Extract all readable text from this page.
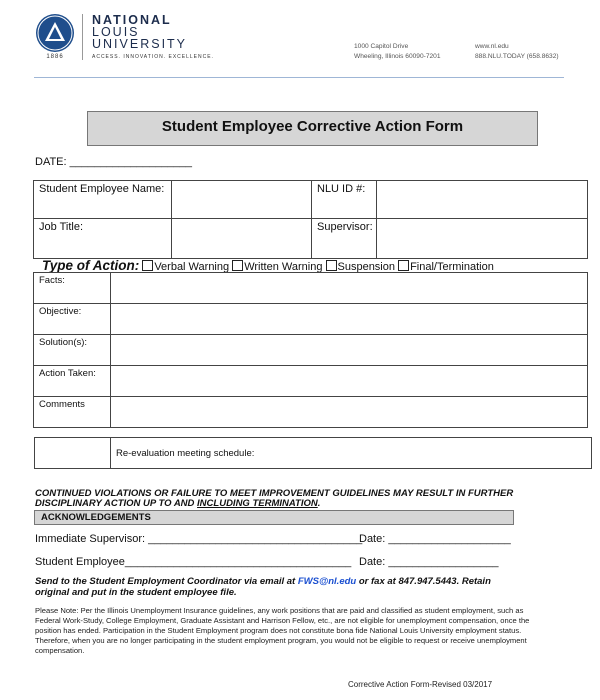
1886
NATIONAL
LOUIS
UNIVERSITY
ACCESS. INNOVATION. EXCELLENCE.
1000 Capitol Drive
Wheeling, Illinois 60090-7201
www.nl.edu
888.NLU.TODAY (658.8632)
Student Employee Corrective Action Form
DATE: ____________________
Student Employee Name:		NLU ID #:	
Job Title:		Supervisor:	
Type of Action: Verbal Warning Written Warning Suspension Final/Termination
Facts:	
Objective:	
Solution(s):	
Action Taken:	
Comments	
	Re-evaluation meeting schedule:
CONTINUED VIOLATIONS OR FAILURE TO MEET IMPROVEMENT GUIDELINES MAY RESULT IN FURTHER
DISCIPLINARY ACTION UP TO AND INCLUDING TERMINATION.
ACKNOWLEDGEMENTS
Immediate Supervisor: ___________________________________
Date: ____________________
Student Employee_____________________________________ Date: __________________
Send to the Student Employment Coordinator via email at FWS@nl.edu or fax at 847.947.5443. Retain
original and put in the student employee file.
Please Note: Per the Illinois Unemployment Insurance guidelines, any work positions that are paid and classified as student employment, such as Federal Work-Study, College Employment, Graduate Assistant and Harrison Fellow, etc., are not eligible for unemployment compensation, once the position has ended. Participation in the Student Employment program does not constitute bona fide National Louis University employment status. Therefore, when you are no longer participating in the student employment program, you would not be eligible to request or receive unemployment compensation.
Corrective Action Form-Revised 03/2017
